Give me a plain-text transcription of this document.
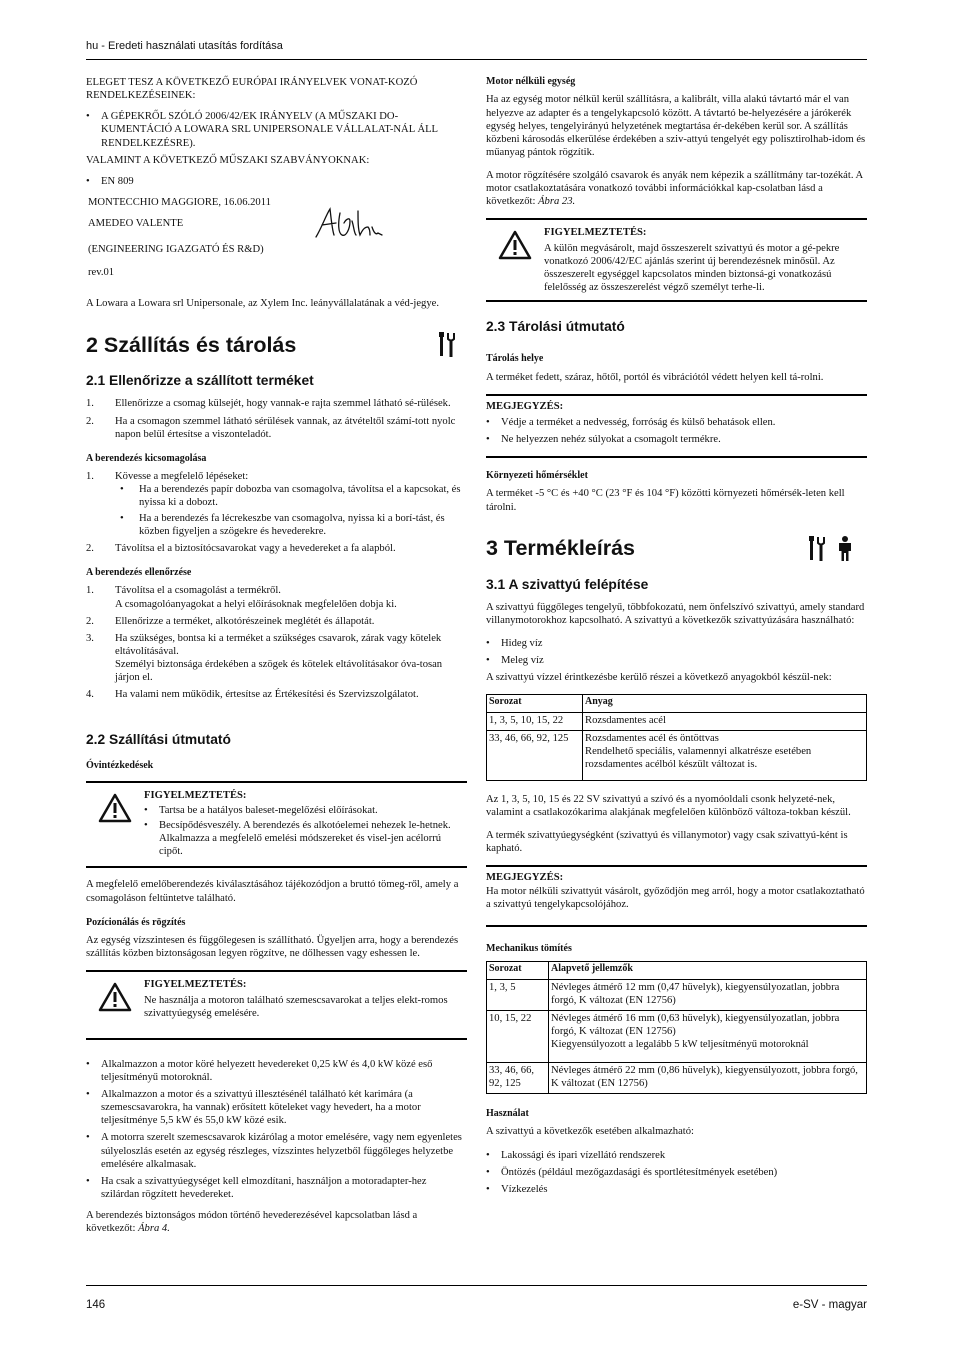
hu - Eredeti használati utasítás fordítása

ELEGET TESZ A KÖVETKEZŐ EURÓPAI IRÁNYELVEK VONAT-KOZÓ RENDELKEZÉSEINEK:

• A GÉPEKRŐL SZÓLÓ 2006/42/EK IRÁNYELV (A MŰSZAKI DO-KUMENTÁCIÓ A LOWARA SRL UNIPERSONALE VÁLLALAT-NÁL ÁLL RENDELKEZÉSRE).

VALAMINT A KÖVETKEZŐ MŰSZAKI SZABVÁNYOKNAK:

• EN 809

MONTECCHIO MAGGIORE, 16.06.2011

AMEDEO VALENTE

(ENGINEERING IGAZGATÓ ÉS R&D)

rev.01

A Lowara a Lowara srl Unipersonale, az Xylem Inc. leányvállalatának a véd-jegye.

2 Szállítás és tárolás
2.1 Ellenőrizze a szállított terméket
1. Ellenőrizze a csomag külsejét, hogy vannak-e rajta szemmel látható sé-rülések.
2. Ha a csomagon szemmel látható sérülések vannak, az átvételtől számí-tott nyolc napon belül értesítse a viszonteladót.
A berendezés kicsomagolása
1. Kövesse a megfelelő lépéseket:
• Ha a berendezés papír dobozba van csomagolva, távolítsa el a kapcsokat, és nyissa ki a dobozt.
• Ha a berendezés fa lécrekeszbe van csomagolva, nyissa ki a borí-tást, és közben figyeljen a szögekre és hevederekre.
2. Távolítsa el a biztosítócsavarokat vagy a hevedereket a fa alapból.
A berendezés ellenőrzése
1. Távolítsa el a csomagolást a termékről.
A csomagolóanyagokat a helyi előírásoknak megfelelően dobja ki.
2. Ellenőrizze a terméket, alkotórészeinek meglétét és állapotát.
3. Ha szükséges, bontsa ki a terméket a szükséges csavarok, zárak vagy kötelek eltávolításával.
Személyi biztonsága érdekében a szögek és kötelek eltávolításakor óva-tosan járjon el.
4. Ha valami nem működik, értesítse az Értékesítési és Szervizszolgálatot.
2.2 Szállítási útmutató
Óvintézkedések
FIGYELMEZTETÉS:
• Tartsa be a hatályos baleset-megelőzési előírásokat.
• Becsípődésveszély. A berendezés és alkotóelemei nehezek le-hetnek. Alkalmazza a megfelelő emelési módszereket és visel-jen acélorrú cipőt.

A megfelelő emelőberendezés kiválasztásához tájékozódjon a bruttó tömeg-ről, amely a csomagoláson feltüntetve található.

Pozícionálás és rögzítés

Az egység vízszintesen és függőlegesen is szállítható. Ügyeljen arra, hogy a berendezés szállítás közben biztonságosan legyen rögzítve, ne dőlhessen vagy eshessen le.

FIGYELMEZTETÉS:
Ne használja a motoron található szemescsavarokat a teljes elekt-romos szivattyúegység emelésére.
• Alkalmazzon a motor köré helyezett hevedereket 0,25 kW és 4,0 kW közé eső teljesítményű motoroknál.
• Alkalmazzon a motor és a szivattyú illesztésénél található két karimára (a szemescsavarokra, ha vannak) erősített köteleket vagy hevedert, ha a motor teljesítménye 5,5 kW és 55,0 kW közé esik.
• A motorra szerelt szemescsavarok kizárólag a motor emelésére, vagy nem egyenletes súlyeloszlás esetén az egység részleges, vízszintes helyzetből függőleges helyzetbe emelésére alkalmasak.
• Ha csak a szivattyúegységet kell elmozdítani, használjon a motoradapter-hez szilárdan rögzített hevedereket.

A berendezés biztonságos módon történő hevederezésével kapcsolatban lásd a következőt: Ábra 4.

Motor nélküli egység

Ha az egység motor nélkül kerül szállításra, a kalibrált, villa alakú távtartó már el van helyezve az adapter és a tengelykapcsoló között. A távtartó be-helyezésére a járókerék egység helyes, tengelyirányú helyzetének megtartása ér-dekében kerül sor. A szállítás közbeni károsodás elkerülése érdekében a sziv-attyú tengelyét egy polisztirolhab-idom és műanyag pántok rögzítik.

A motor rögzítésére szolgáló csavarok és anyák nem képezik a szállítmány tar-tozékát. A motor csatlakoztatására vonatkozó további információkkal kap-csolatban lásd a következőt: Ábra 23.

FIGYELMEZTETÉS:
A külön megvásárolt, majd összeszerelt szivattyú és motor a gé-pekre vonatkozó 2006/42/EC ajánlás szerint új berendezésnek minősül. Az összeszerelt egységgel kapcsolatos minden biztonsá-gi vonatkozású felelősség az összeszerelést végző személyt terhe-li.
2.3 Tárolási útmutató
Tárolás helye

A terméket fedett, száraz, hőtől, portól és vibrációtól védett helyen kell tá-rolni.

MEGJEGYZÉS:
• Védje a terméket a nedvesség, forróság és külső behatások ellen.
• Ne helyezzen nehéz súlyokat a csomagolt termékre.
Környezeti hőmérséklet

A terméket -5 °C és +40 °C (23 °F és 104 °F) közötti környezeti hőmérsék-leten kell tárolni.

3 Termékleírás
3.1 A szivattyú felépítése

A szivattyú függőleges tengelyű, többfokozatú, nem önfelszívó szivattyú, amely standard villanymotorokhoz kapcsolható. A szivattyú a következők szivattyúzására használható:

• Hideg víz
• Meleg víz

A szivattyú vízzel érintkezésbe kerülő részei a következő anyagokból készül-nek:

Sorozat	Anyag
1, 3, 5, 10, 15, 22	Rozsdamentes acél
33, 46, 66, 92, 125	Rozsdamentes acél és öntöttvas
Rendelhető speciális, valamennyi alkatrésze esetében rozsdamentes acélból készült változat is.

Az 1, 3, 5, 10, 15 és 22 SV szivattyú a szívó és a nyomóoldali csonk helyzeté-nek, valamint a csatlakozókarima alakjának megfelelően különböző változa-tokban készül.

A termék szivattyúegységként (szivattyú és villanymotor) vagy csak szivattyú-ként is kapható.

MEGJEGYZÉS:
Ha motor nélküli szivattyút vásárolt, győződjön meg arról, hogy a motor csatlakoztatható a szivattyú tengelykapcsolójához.
Mechanikus tömítés
Sorozat	Alapvető jellemzők
1, 3, 5	Névleges átmérő 12 mm (0,47 hüvelyk), kiegyensúlyozatlan, jobbra forgó, K változat (EN 12756)
10, 15, 22	Névleges átmérő 16 mm (0,63 hüvelyk), kiegyensúlyozatlan, jobbra forgó, K változat (EN 12756)
Kiegyensúlyozott a legalább 5 kW teljesítményű motoroknál
33, 46, 66, 92, 125	Névleges átmérő 22 mm (0,86 hüvelyk), kiegyensúlyozott, jobbra forgó, K változat (EN 12756)
Használat

A szivattyú a következők esetében alkalmazható:

• Lakossági és ipari vízellátó rendszerek
• Öntözés (például mezőgazdasági és sportlétesítmények esetében)
• Vízkezelés
146	e-SV - magyar
